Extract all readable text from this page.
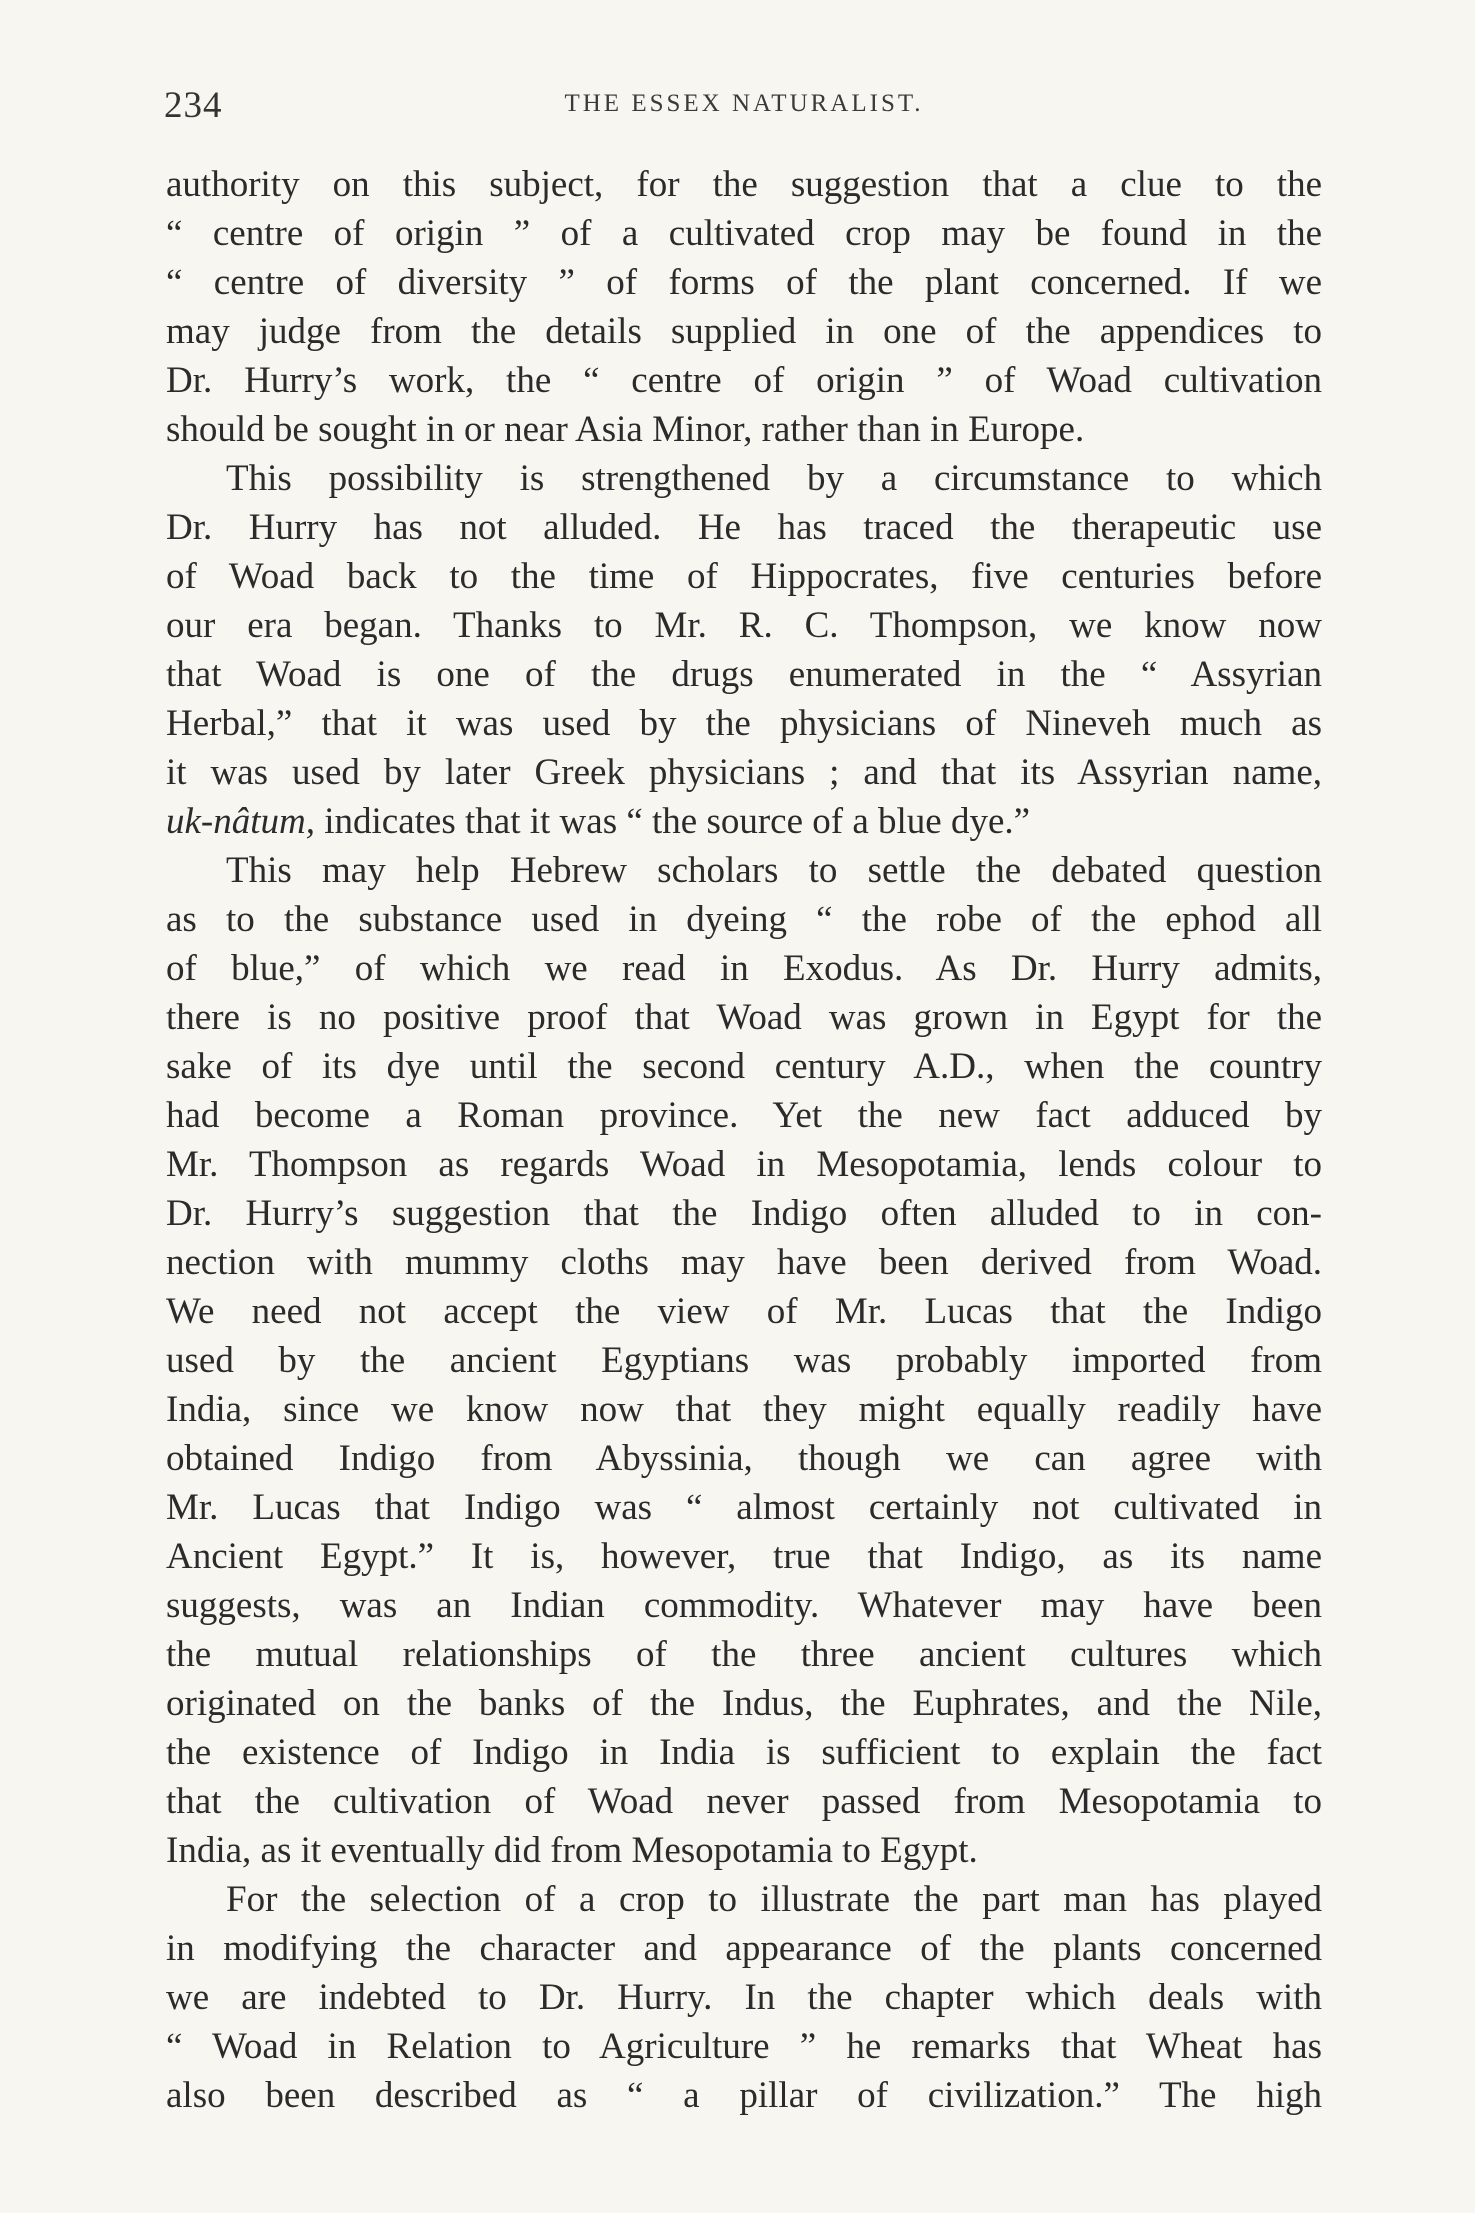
234	THE ESSEX NATURALIST.
authority on this subject, for the suggestion that a clue to the
“ centre of origin ” of a cultivated crop may be found in the
“ centre of diversity ” of forms of the plant concerned. If we
may judge from the details supplied in one of the appendices to
Dr. Hurry’s work, the “ centre of origin ” of Woad cultivation
should be sought in or near Asia Minor, rather than in Europe.
This possibility is strengthened by a circumstance to which
Dr. Hurry has not alluded. He has traced the therapeutic use
of Woad back to the time of Hippocrates, five centuries before
our era began. Thanks to Mr. R. C. Thompson, we know now
that Woad is one of the drugs enumerated in the “ Assyrian
Herbal,” that it was used by the physicians of Nineveh much as
it was used by later Greek physicians ; and that its Assyrian name,
uk-nâtum, indicates that it was “ the source of a blue dye.”
This may help Hebrew scholars to settle the debated question
as to the substance used in dyeing “ the robe of the ephod all
of blue,” of which we read in Exodus. As Dr. Hurry admits,
there is no positive proof that Woad was grown in Egypt for the
sake of its dye until the second century A.D., when the country
had become a Roman province. Yet the new fact adduced by
Mr. Thompson as regards Woad in Mesopotamia, lends colour to
Dr. Hurry’s suggestion that the Indigo often alluded to in con-
nection with mummy cloths may have been derived from Woad.
We need not accept the view of Mr. Lucas that the Indigo
used by the ancient Egyptians was probably imported from
India, since we know now that they might equally readily have
obtained Indigo from Abyssinia, though we can agree with
Mr. Lucas that Indigo was “ almost certainly not cultivated in
Ancient Egypt.” It is, however, true that Indigo, as its name
suggests, was an Indian commodity. Whatever may have been
the mutual relationships of the three ancient cultures which
originated on the banks of the Indus, the Euphrates, and the Nile,
the existence of Indigo in India is sufficient to explain the fact
that the cultivation of Woad never passed from Mesopotamia to
India, as it eventually did from Mesopotamia to Egypt.
For the selection of a crop to illustrate the part man has played
in modifying the character and appearance of the plants concerned
we are indebted to Dr. Hurry. In the chapter which deals with
“ Woad in Relation to Agriculture ” he remarks that Wheat has
also been described as “ a pillar of civilization.” The high
